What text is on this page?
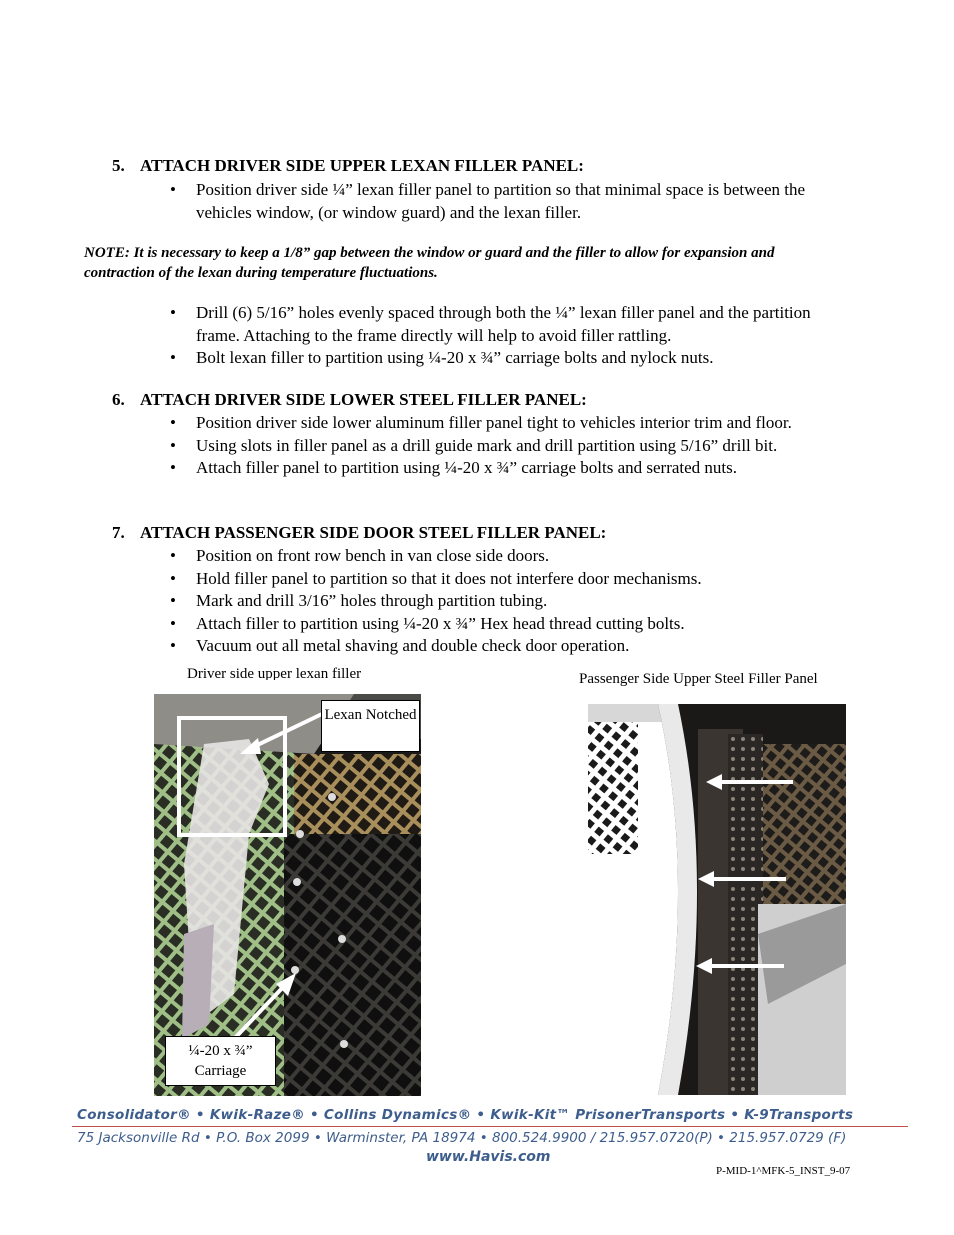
5. ATTACH DRIVER SIDE UPPER LEXAN FILLER PANEL:
• Position driver side ¼” lexan filler panel to partition so that minimal space is between the vehicles window, (or window guard) and the lexan filler.
NOTE: It is necessary to keep a 1/8” gap between the window or guard and the filler to allow for expansion and contraction of the lexan during temperature fluctuations.
• Drill (6) 5/16” holes evenly spaced through both the ¼” lexan filler panel and the partition frame. Attaching to the frame directly will help to avoid filler rattling.
• Bolt lexan filler to partition using ¼-20 x ¾” carriage bolts and nylock nuts.
6. ATTACH DRIVER SIDE LOWER STEEL FILLER PANEL:
• Position driver side lower aluminum filler panel tight to vehicles interior trim and floor.
• Using slots in filler panel as a drill guide mark and drill partition using 5/16” drill bit.
• Attach filler panel to partition using ¼-20 x ¾” carriage bolts and serrated nuts.
7. ATTACH PASSENGER SIDE DOOR STEEL FILLER PANEL:
• Position on front row bench in van close side doors.
• Hold filler panel to partition so that it does not interfere door mechanisms.
• Mark and drill 3/16” holes through partition tubing.
• Attach filler to partition using ¼-20 x ¾” Hex head thread cutting bolts.
• Vacuum out all metal shaving and double check door operation.
Driver side upper lexan filler	Passenger Side Upper Steel Filler Panel
Lexan Notched
¼-20 x ¾” Carriage
Consolidator® • Kwik-Raze® • Collins Dynamics® • Kwik-Kit™ PrisonerTransports • K-9Transports
75 Jacksonville Rd • P.O. Box 2099 • Warminster, PA 18974 • 800.524.9900 / 215.957.0720(P) • 215.957.0729 (F)
www.Havis.com
P-MID-1^MFK-5_INST_9-07
